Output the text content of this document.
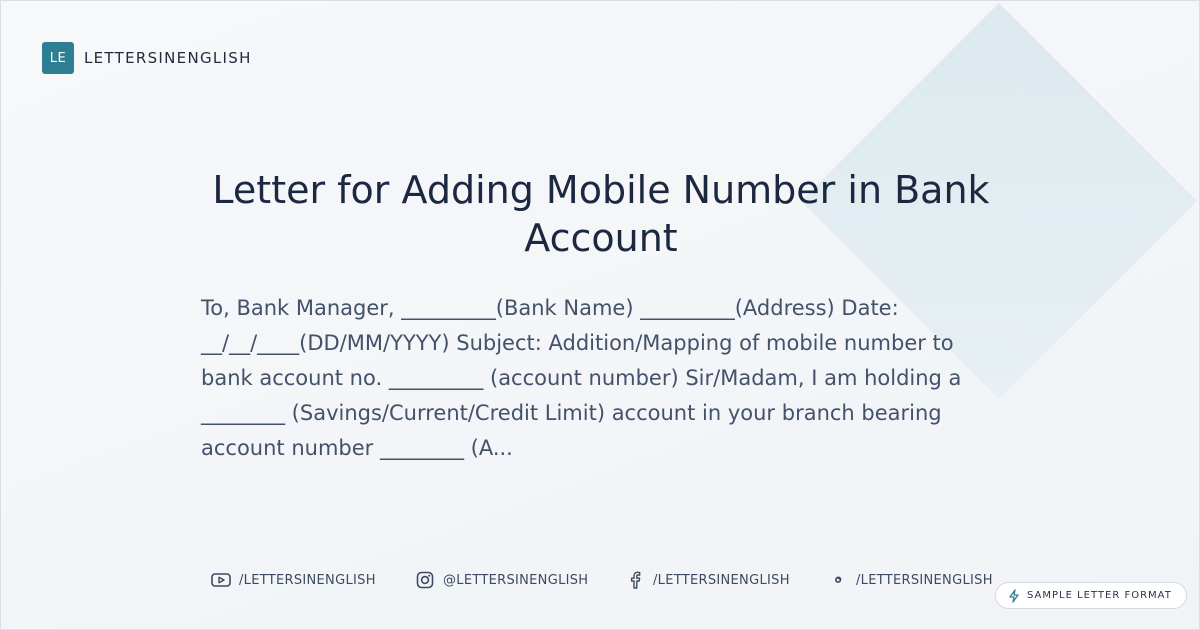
LE	LETTERSINENGLISH
Letter for Adding Mobile Number in Bank Account

To, Bank Manager, _________(Bank Name) _________(Address) Date: __/__/____(DD/MM/YYYY) Subject: Addition/Mapping of mobile number to bank account no. _________ (account number) Sir/Madam, I am holding a ________ (Savings/Current/Credit Limit) account in your branch bearing account number ________ (A...

/LETTERSINENGLISH	@LETTERSINENGLISH	/LETTERSINENGLISH	/LETTERSINENGLISH
SAMPLE LETTER FORMAT
